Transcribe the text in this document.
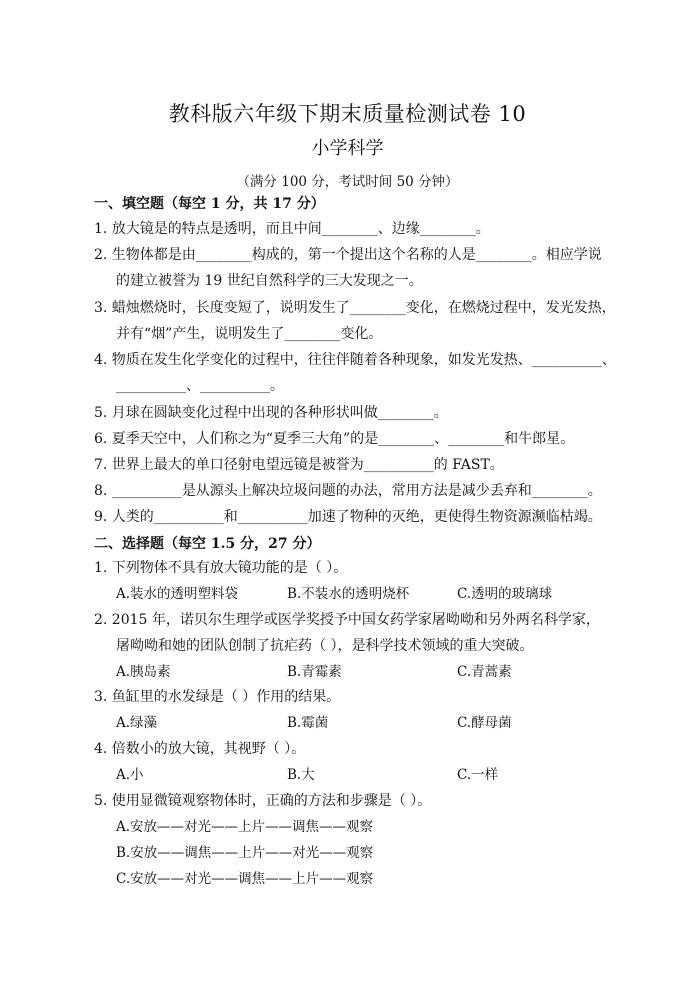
教科版六年级下期末质量检测试卷 10
小学科学
（满分 100 分，考试时间 50 分钟）
一、填空题（每空 1 分，共 17 分）
1. 放大镜是的特点是透明，而且中间________、边缘________。
2. 生物体都是由________构成的，第一个提出这个名称的人是________。相应学说
的建立被誉为 19 世纪自然科学的三大发现之一。
3. 蜡烛燃烧时，长度变短了，说明发生了________变化，在燃烧过程中，发光发热，
并有“烟”产生，说明发生了________变化。
4. 物质在发生化学变化的过程中，往往伴随着各种现象，如发光发热、__________、
__________、__________。
5. 月球在圆缺变化过程中出现的各种形状叫做________。
6. 夏季天空中，人们称之为“夏季三大角”的是________、________和牛郎星。
7. 世界上最大的单口径射电望远镜是被誉为__________的 FAST。
8. __________是从源头上解决垃圾问题的办法，常用方法是减少丢弃和________。
9. 人类的__________和__________加速了物种的灭绝，更使得生物资源濒临枯竭。
二、选择题（每空 1.5 分，27 分）
1. 下列物体不具有放大镜功能的是（ ）。
A.装水的透明塑料袋	B.不装水的透明烧杯	C.透明的玻璃球
2. 2015 年，诺贝尔生理学或医学奖授予中国女药学家屠呦呦和另外两名科学家，
屠呦呦和她的团队创制了抗疟药（ ），是科学技术领域的重大突破。
A.胰岛素	B.青霉素	C.青蒿素
3. 鱼缸里的水发绿是（ ）作用的结果。
A.绿藻	B.霉菌	C.酵母菌
4. 倍数小的放大镜，其视野（ ）。
A.小	B.大	C.一样
5. 使用显微镜观察物体时，正确的方法和步骤是（ ）。
A.安放——对光——上片——调焦——观察
B.安放——调焦——上片——对光——观察
C.安放——对光——调焦——上片——观察
